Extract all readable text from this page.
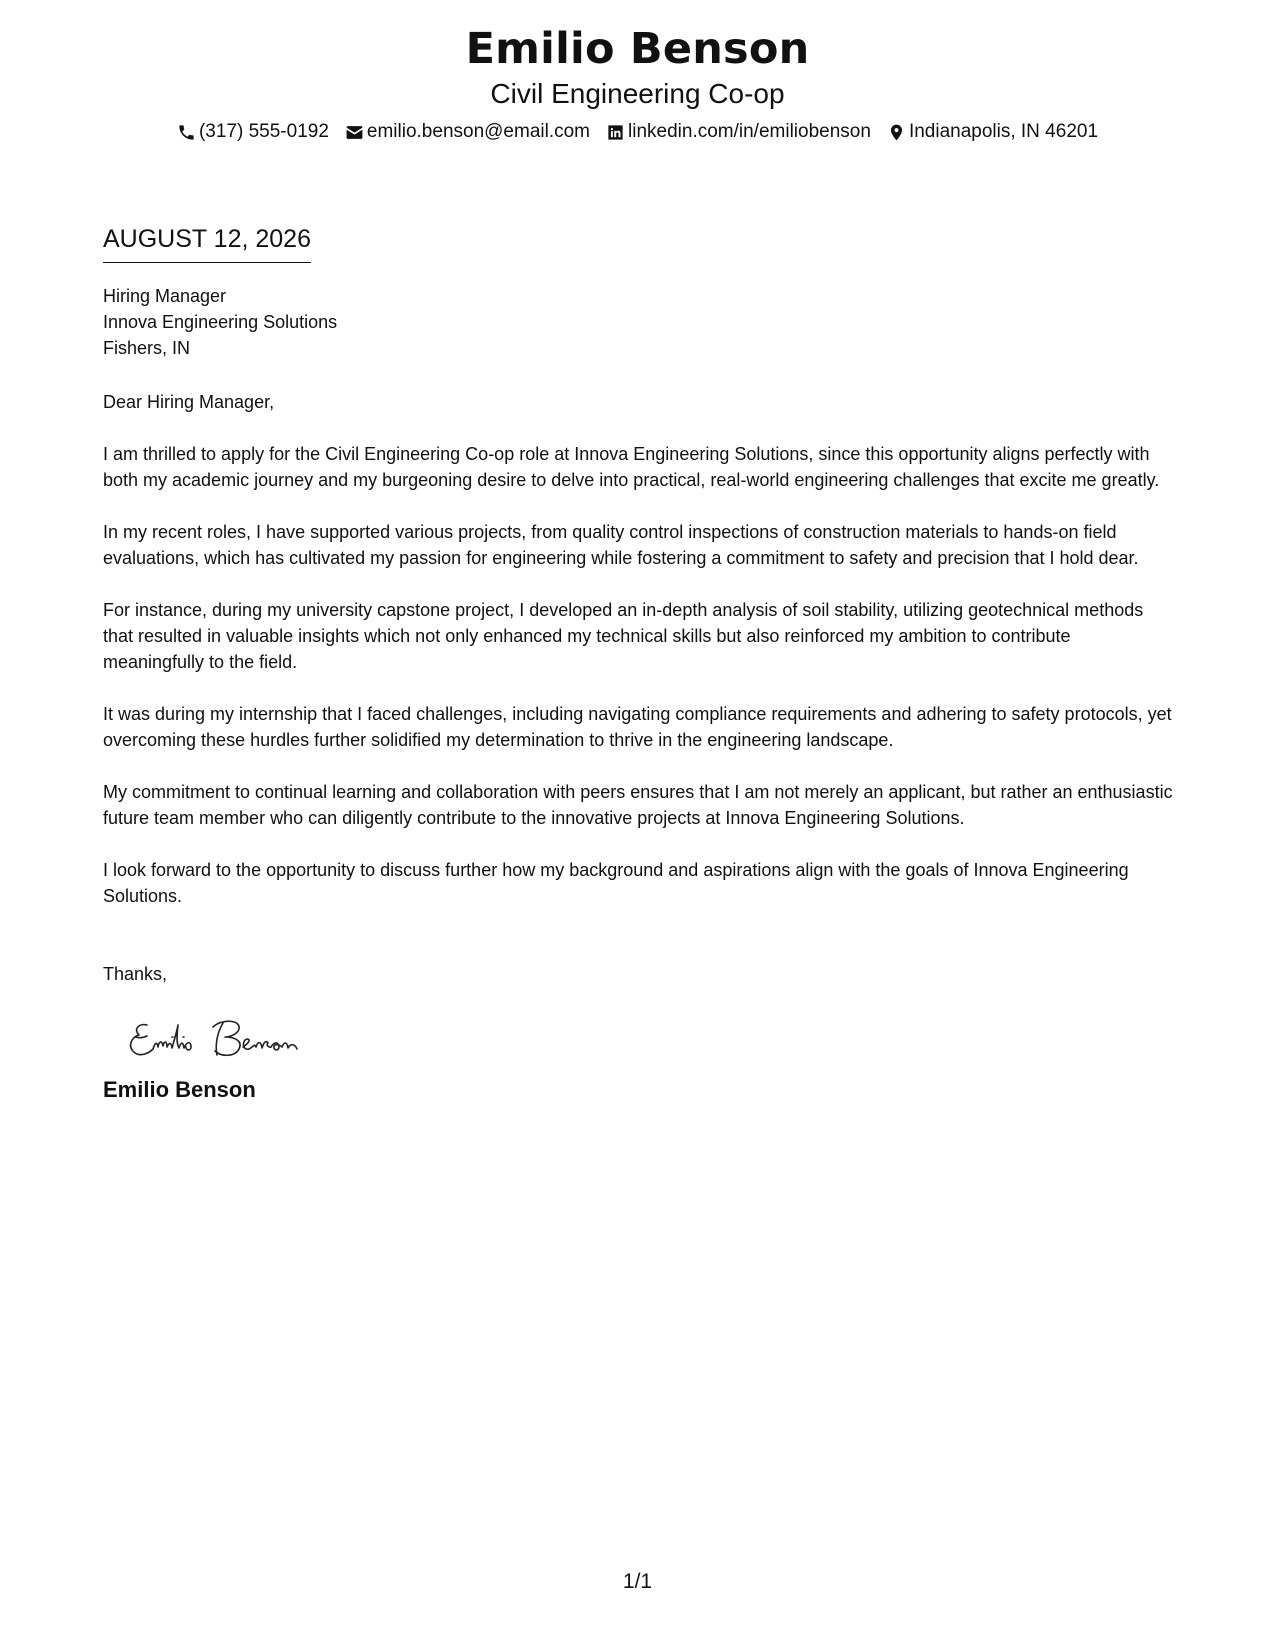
Emilio Benson
Civil Engineering Co-op
(317) 555-0192 emilio.benson@email.com linkedin.com/in/emiliobenson Indianapolis, IN 46201
AUGUST 12, 2026
Hiring Manager
Innova Engineering Solutions
Fishers, IN
Dear Hiring Manager,
I am thrilled to apply for the Civil Engineering Co-op role at Innova Engineering Solutions, since this opportunity aligns perfectly with both my academic journey and my burgeoning desire to delve into practical, real-world engineering challenges that excite me greatly.
In my recent roles, I have supported various projects, from quality control inspections of construction materials to hands-on field evaluations, which has cultivated my passion for engineering while fostering a commitment to safety and precision that I hold dear.
For instance, during my university capstone project, I developed an in-depth analysis of soil stability, utilizing geotechnical methods that resulted in valuable insights which not only enhanced my technical skills but also reinforced my ambition to contribute meaningfully to the field.
It was during my internship that I faced challenges, including navigating compliance requirements and adhering to safety protocols, yet overcoming these hurdles further solidified my determination to thrive in the engineering landscape.
My commitment to continual learning and collaboration with peers ensures that I am not merely an applicant, but rather an enthusiastic future team member who can diligently contribute to the innovative projects at Innova Engineering Solutions.
I look forward to the opportunity to discuss further how my background and aspirations align with the goals of Innova Engineering Solutions.
Thanks,
Emilio Benson
1/1
